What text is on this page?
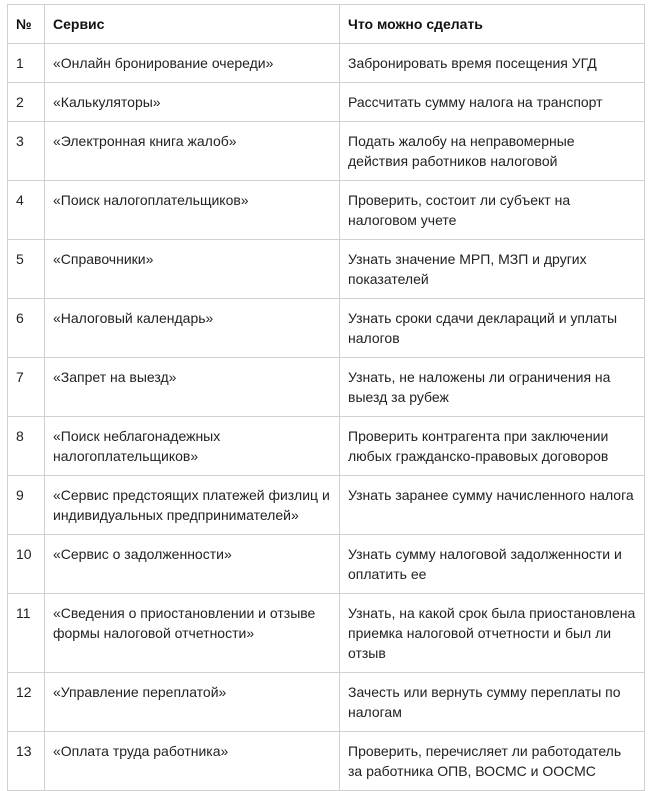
№	Сервис	Что можно сделать
1	«Онлайн бронирование очереди»	Забронировать время посещения УГД
2	«Калькуляторы»	Рассчитать сумму налога на транспорт
3	«Электронная книга жалоб»	Подать жалобу на неправомерные действия работников налоговой
4	«Поиск налогоплательщиков»	Проверить, состоит ли субъект на налоговом учете
5	«Справочники»	Узнать значение МРП, МЗП и других показателей
6	«Налоговый календарь»	Узнать сроки сдачи деклараций и уплаты налогов
7	«Запрет на выезд»	Узнать, не наложены ли ограничения на выезд за рубеж
8	«Поиск неблагонадежных налогоплательщиков»	Проверить контрагента при заключении любых гражданско-правовых договоров
9	«Сервис предстоящих платежей физлиц и индивидуальных предпринимателей»	Узнать заранее сумму начисленного налога
10	«Сервис о задолженности»	Узнать сумму налоговой задолженности и оплатить ее
11	«Сведения о приостановлении и отзыве формы налоговой отчетности»	Узнать, на какой срок была приостановлена приемка налоговой отчетности и был ли отзыв
12	«Управление переплатой»	Зачесть или вернуть сумму переплаты по налогам
13	«Оплата труда работника»	Проверить, перечисляет ли работодатель за работника ОПВ, ВОСМС и ООСМС
